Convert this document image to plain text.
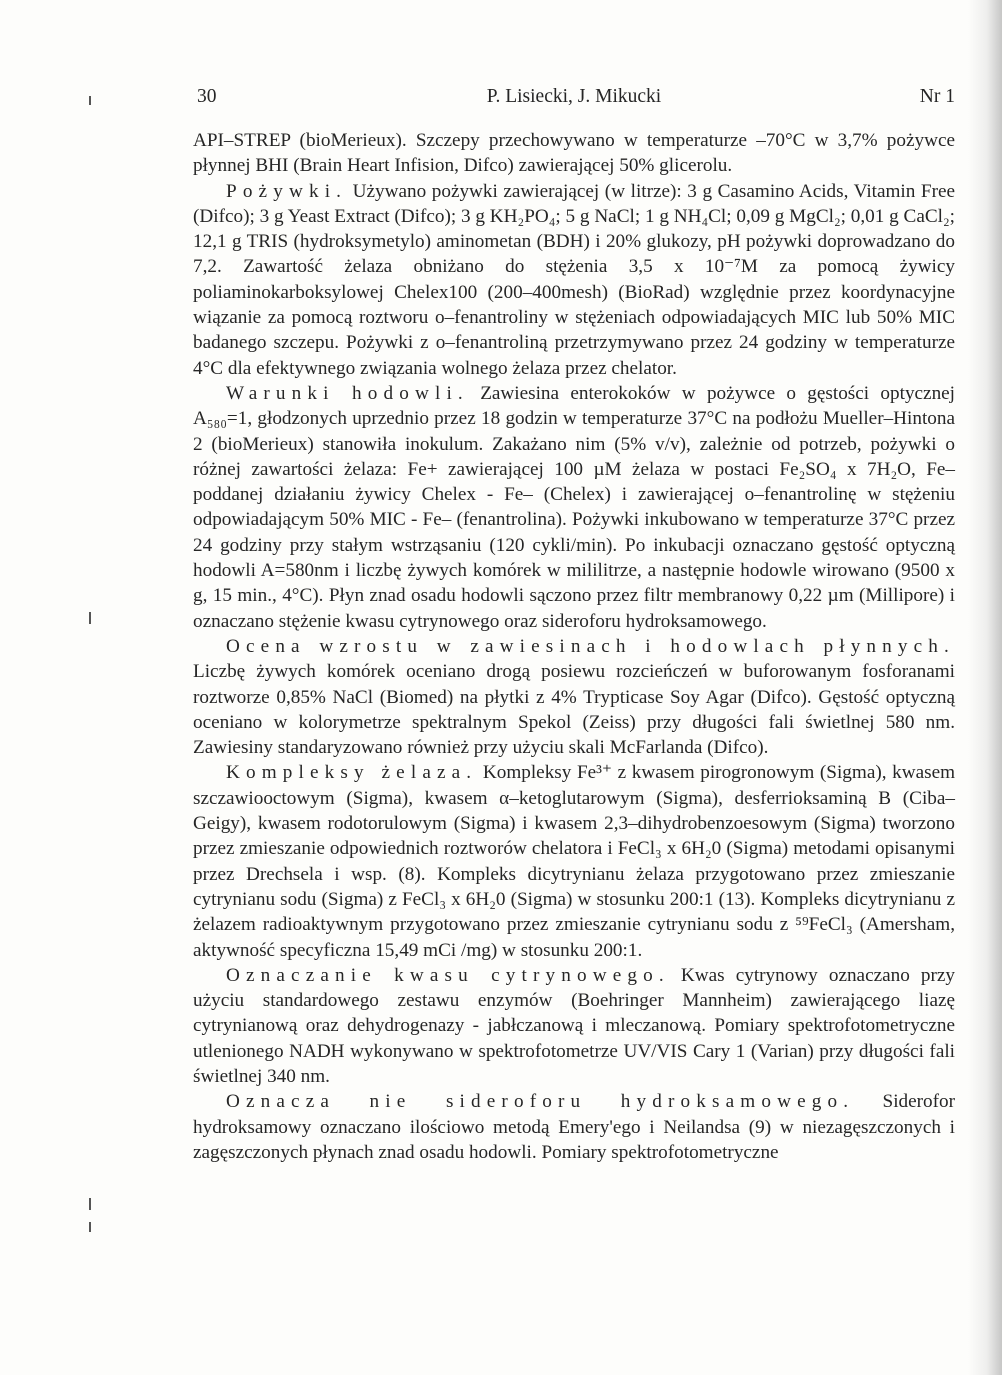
30	P. Lisiecki, J. Mikucki	Nr 1

API–STREP (bioMerieux). Szczepy przechowywano w temperaturze –70°C w 3,7% pożywce płynnej BHI (Brain Heart Infision, Difco) zawierającej 50% glicerolu.

Pożywki. Używano pożywki zawierającej (w litrze): 3 g Casamino Acids, Vitamin Free (Difco); 3 g Yeast Extract (Difco); 3 g KH₂PO₄; 5 g NaCl; 1 g NH₄Cl; 0,09 g MgCl₂; 0,01 g CaCl₂; 12,1 g TRIS (hydroksymetylo) aminometan (BDH) i 20% glukozy, pH pożywki doprowadzano do 7,2. Zawartość żelaza obniżano do stężenia 3,5 x 10⁻⁷M za pomocą żywicy poliaminokarboksylowej Chelex100 (200–400mesh) (BioRad) względnie przez koordynacyjne wiązanie za pomocą roztworu o–fenantroliny w stężeniach odpowiadających MIC lub 50% MIC badanego szczepu. Pożywki z o–fenantroliną przetrzymywano przez 24 godziny w temperaturze 4°C dla efektywnego związania wolnego żelaza przez chelator.

Warunki hodowli. Zawiesina enterokoków w pożywce o gęstości optycznej A₅₈₀=1, głodzonych uprzednio przez 18 godzin w temperaturze 37°C na podłożu Mueller–Hintona 2 (bioMerieux) stanowiła inokulum. Zakażano nim (5% v/v), zależnie od potrzeb, pożywki o różnej zawartości żelaza: Fe+ zawierającej 100 µM żelaza w postaci Fe₂SO₄ x 7H₂O, Fe– poddanej działaniu żywicy Chelex - Fe– (Chelex) i zawierającej o–fenantrolinę w stężeniu odpowiadającym 50% MIC - Fe– (fenantrolina). Pożywki inkubowano w temperaturze 37°C przez 24 godziny przy stałym wstrząsaniu (120 cykli/min). Po inkubacji oznaczano gęstość optyczną hodowli A=580nm i liczbę żywych komórek w mililitrze, a następnie hodowle wirowano (9500 x g, 15 min., 4°C). Płyn znad osadu hodowli sączono przez filtr membranowy 0,22 µm (Millipore) i oznaczano stężenie kwasu cytrynowego oraz sideroforu hydroksamowego.

Ocena wzrostu w zawiesinach i hodowlach płynnych. Liczbę żywych komórek oceniano drogą posiewu rozcieńczeń w buforowanym fosforanami roztworze 0,85% NaCl (Biomed) na płytki z 4% Trypticase Soy Agar (Difco). Gęstość optyczną oceniano w kolorymetrze spektralnym Spekol (Zeiss) przy długości fali świetlnej 580 nm. Zawiesiny standaryzowano również przy użyciu skali McFarlanda (Difco).

Kompleksy żelaza. Kompleksy Fe³⁺ z kwasem pirogronowym (Sigma), kwasem szczawiooctowym (Sigma), kwasem α–ketoglutarowym (Sigma), desferrioksaminą B (Ciba–Geigy), kwasem rodotorulowym (Sigma) i kwasem 2,3–dihydrobenzoesowym (Sigma) tworzono przez zmieszanie odpowiednich roztworów chelatora i FeCl₃ x 6H₂0 (Sigma) metodami opisanymi przez Drechsela i wsp. (8). Kompleks dicytrynianu żelaza przygotowano przez zmieszanie cytrynianu sodu (Sigma) z FeCl₃ x 6H₂0 (Sigma) w stosunku 200:1 (13). Kompleks dicytrynianu z żelazem radioaktywnym przygotowano przez zmieszanie cytrynianu sodu z ⁵⁹FeCl₃ (Amersham, aktywność specyficzna 15,49 mCi /mg) w stosunku 200:1.

Oznaczanie kwasu cytrynowego. Kwas cytrynowy oznaczano przy użyciu standardowego zestawu enzymów (Boehringer Mannheim) zawierającego liazę cytrynianową oraz dehydrogenazy - jabłczanową i mleczanową. Pomiary spektrofotometryczne utlenionego NADH wykonywano w spektrofotometrze UV/VIS Cary 1 (Varian) przy długości fali świetlnej 340 nm.

Oznacza nie sideroforu hydroksamowego. Siderofor hydroksamowy oznaczano ilościowo metodą Emery'ego i Neilandsa (9) w niezagęszczonych i zagęszczonych płynach znad osadu hodowli. Pomiary spektrofotometryczne
